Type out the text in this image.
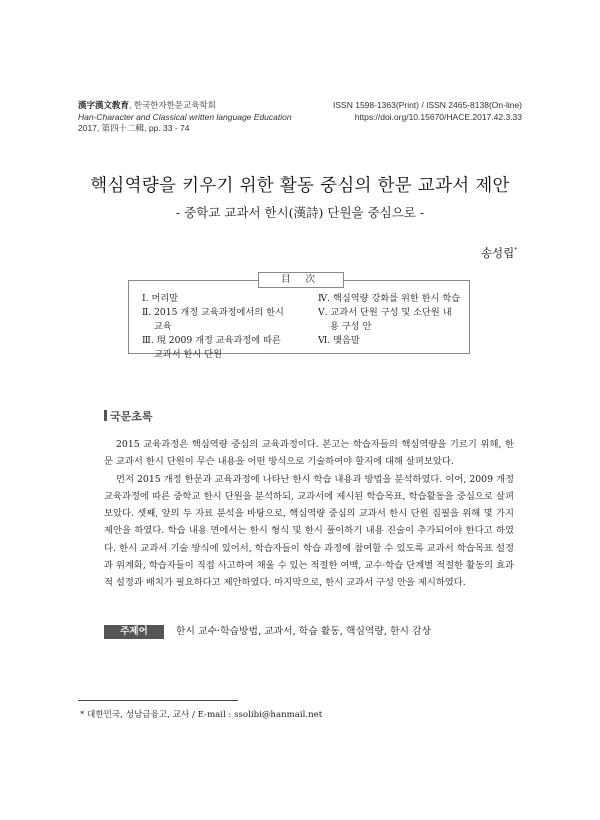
漢字漢文敎育, 한국한자한문교육학회
Han-Character and Classical written language Education
2017, 第四十二輯, pp. 33 - 74
ISSN 1598-1363(Print) / ISSN 2465-8138(On-line)
https://doi.org/10.15670/HACE.2017.42.3.33
핵심역량을 키우기 위한 활동 중심의 한문 교과서 제안
- 중학교 교과서 한시(漢詩) 단원을 중심으로 -
송성립*
目 次
Ⅰ. 머리말
Ⅱ. 2015 개정 교육과정에서의 한시
교육
Ⅲ. 現 2009 개정 교육과정에 따른
교과서 한시 단원
Ⅳ. 핵심역량 강화를 위한 한시 학습
Ⅴ. 교과서 단원 구성 및 소단원 내
용 구성 안
Ⅵ. 맺음말
국문초록

2015 교육과정은 핵심역량 중심의 교육과정이다. 본고는 학습자들의 핵심역량을 기르기 위해, 한문 교과서 한시 단원이 무슨 내용을 어떤 방식으로 기술하여야 할지에 대해 살펴보았다.

먼저 2015 개정 한문과 교육과정에 나타난 한시 학습 내용과 방법을 분석하였다. 이어, 2009 개정 교육과정에 따른 중학교 한시 단원을 분석하되, 교과서에 제시된 학습목표, 학습활동을 중심으로 살펴보았다. 셋째, 앞의 두 자료 분석을 바탕으로, 핵심역량 중심의 교과서 한시 단원 집필을 위해 몇 가지 제안을 하였다. 학습 내용 면에서는 한시 형식 및 한시 풀이하기 내용 진술이 추가되어야 한다고 하였다. 한시 교과서 기술 방식에 있어서, 학습자들이 학습 과정에 참여할 수 있도록 교과서 학습목표 설정과 위계화, 학습자들이 직접 사고하여 채울 수 있는 적절한 여백, 교수·학습 단계별 적절한 활동의 효과적 설정과 배치가 필요하다고 제안하였다. 마지막으로, 한시 교과서 구성 안을 제시하였다.

주제어	한시 교수·학습방법, 교과서, 학습 활동, 핵심역량, 한시 감상
* 대한민국, 성남금융고, 교사 / E-mail : ssolibi@hanmail.net
